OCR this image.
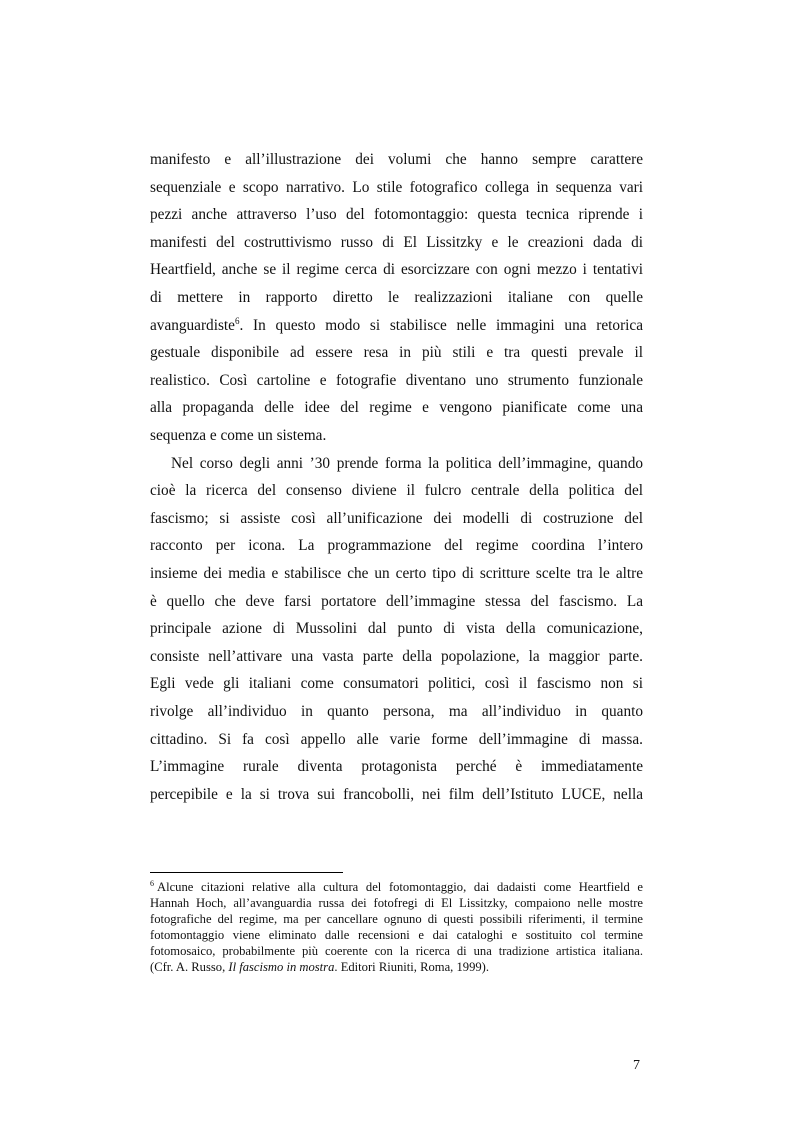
manifesto e all’illustrazione dei volumi che hanno sempre carattere
sequenziale e scopo narrativo. Lo stile fotografico collega in sequenza vari
pezzi anche attraverso l’uso del fotomontaggio: questa tecnica riprende i
manifesti del costruttivismo russo di El Lissitzky e le creazioni dada di
Heartfield, anche se il regime cerca di esorcizzare con ogni mezzo i tentativi
di mettere in rapporto diretto le realizzazioni italiane con quelle
avanguardiste$^6$. In questo modo si stabilisce nelle immagini una retorica
gestuale disponibile ad essere resa in più stili e tra questi prevale il
realistico. Così cartoline e fotografie diventano uno strumento funzionale
alla propaganda delle idee del regime e vengono pianificate come una
sequenza e come un sistema.
Nel corso degli anni ’30 prende forma la politica dell’immagine, quando
cioè la ricerca del consenso diviene il fulcro centrale della politica del
fascismo; si assiste così all’unificazione dei modelli di costruzione del
racconto per icona. La programmazione del regime coordina l’intero
insieme dei media e stabilisce che un certo tipo di scritture scelte tra le altre
è quello che deve farsi portatore dell’immagine stessa del fascismo. La
principale azione di Mussolini dal punto di vista della comunicazione,
consiste nell’attivare una vasta parte della popolazione, la maggior parte.
Egli vede gli italiani come consumatori politici, così il fascismo non si
rivolge all’individuo in quanto persona, ma all’individuo in quanto
cittadino. Si fa così appello alle varie forme dell’immagine di massa.
L’immagine rurale diventa protagonista perché è immediatamente
percepibile e la si trova sui francobolli, nei film dell’Istituto LUCE, nella
$^6$ Alcune citazioni relative alla cultura del fotomontaggio, dai dadaisti come Heartfield e
Hannah Hoch, all’avanguardia russa dei fotofregi di El Lissitzky, compaiono nelle mostre
fotografiche del regime, ma per cancellare ognuno di questi possibili riferimenti, il termine
fotomontaggio viene eliminato dalle recensioni e dai cataloghi e sostituito col termine
fotomosaico, probabilmente più coerente con la ricerca di una tradizione artistica italiana.
(Cfr. A. Russo, Il fascismo in mostra. Editori Riuniti, Roma, 1999).
7
